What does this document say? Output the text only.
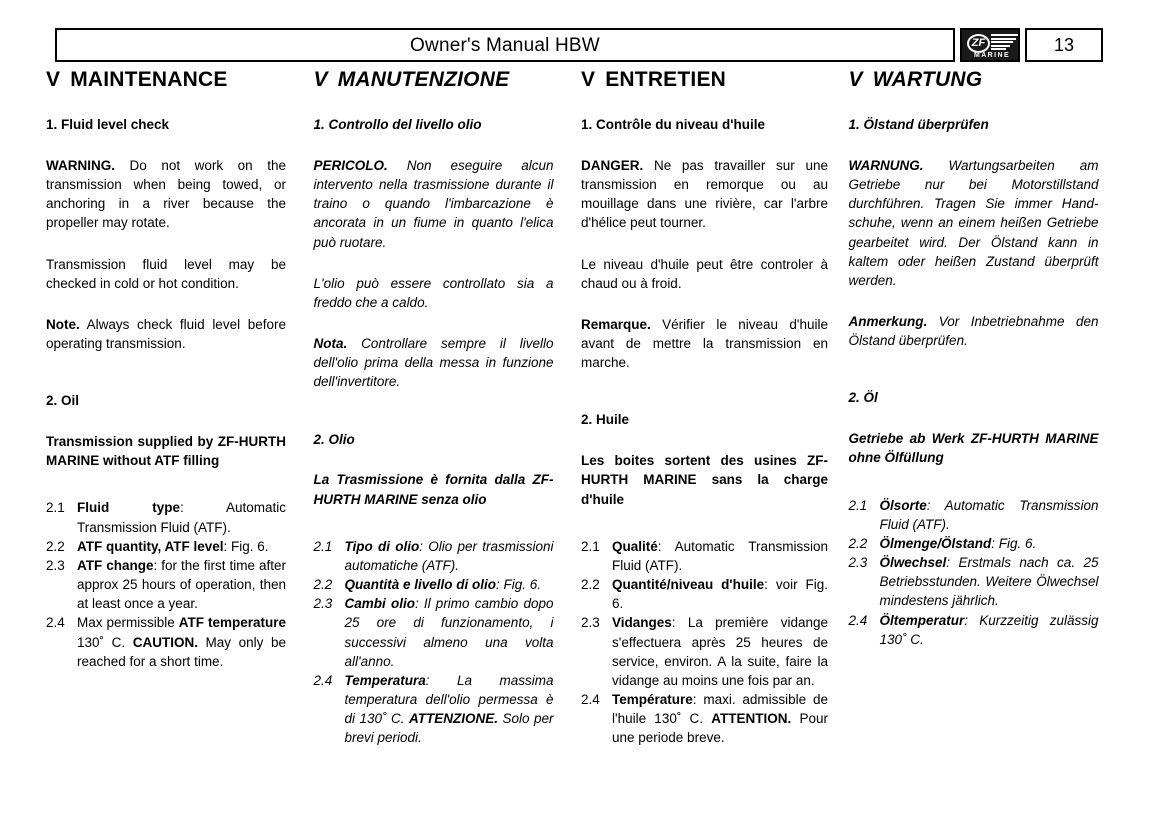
Owner's Manual HBW	ZF
MARINE
13
V MAINTENANCE
1. Fluid level check

WARNING. Do not work on the transmission when being towed, or anchoring in a river because the propeller may rotate.

Transmission fluid level may be checked in cold or hot condition.

Note. Always check fluid level before operating transmission.

2. Oil
Transmission supplied by ZF-HURTH MARINE without ATF filling
2.1 Fluid type: Automatic Transmission Fluid (ATF).
2.2 ATF quantity, ATF level: Fig. 6.
2.3 ATF change: for the first time after approx 25 hours of operation, then at least once a year.
2.4 Max permissible ATF temperature 130˚ C. CAUTION. May only be reached for a short time.
V MANUTENZIONE
1. Controllo del livello olio

PERICOLO. Non eseguire alcun intervento nella trasmissione durante il traino o quando l'imbarcazione è ancorata in un fiume in quanto l'elica può ruotare.

L'olio può essere controllato sia a freddo che a caldo.

Nota. Controllare sempre il livello dell'olio prima della messa in funzione dell'invertitore.

2. Olio
La Trasmissione è fornita dalla ZF-HURTH MARINE senza olio
2.1 Tipo di olio: Olio per trasmissioni automatiche (ATF).
2.2 Quantità e livello di olio: Fig. 6.
2.3 Cambi olio: Il primo cambio dopo 25 ore di funzionamento, i successivi almeno una volta all'anno.
2.4 Temperatura: La massima temperatura dell'olio permessa è di 130˚ C. ATTENZIONE. Solo per brevi periodi.
V ENTRETIEN
1. Contrôle du niveau d'huile

DANGER. Ne pas travailler sur une transmission en remorque ou au mouillage dans une rivière, car l'arbre d'hélice peut tourner.

Le niveau d'huile peut être controler à chaud ou à froid.

Remarque. Vérifier le niveau d'huile avant de mettre la transmission en marche.

2. Huile
Les boites sortent des usines ZF-HURTH MARINE sans la charge d'huile
2.1 Qualité: Automatic Transmission Fluid (ATF).
2.2 Quantité/niveau d'huile: voir Fig. 6.
2.3 Vidanges: La première vidange s'effectuera après 25 heures de service, environ. A la suite, faire la vidange au moins une fois par an.
2.4 Température: maxi. admissible de l'huile 130˚ C. ATTENTION. Pour une periode breve.
V WARTUNG
1. Ölstand überprüfen

WARNUNG. Wartungsarbeiten am Getriebe nur bei Motorstillstand durchführen. Tragen Sie immer Hand- schuhe, wenn an einem heißen Getriebe gearbeitet wird. Der Ölstand kann in kaltem oder heißen Zustand überprüft werden.

Anmerkung. Vor Inbetriebnahme den Ölstand überprüfen.

2. Öl
Getriebe ab Werk ZF-HURTH MARINE ohne Ölfüllung
2.1 Ölsorte: Automatic Transmission Fluid (ATF).
2.2 Ölmenge/Ölstand: Fig. 6.
2.3 Ölwechsel: Erstmals nach ca. 25 Betriebsstunden. Weitere Ölwechsel mindestens jährlich.
2.4 Öltemperatur: Kurzzeitig zulässig 130˚ C.
